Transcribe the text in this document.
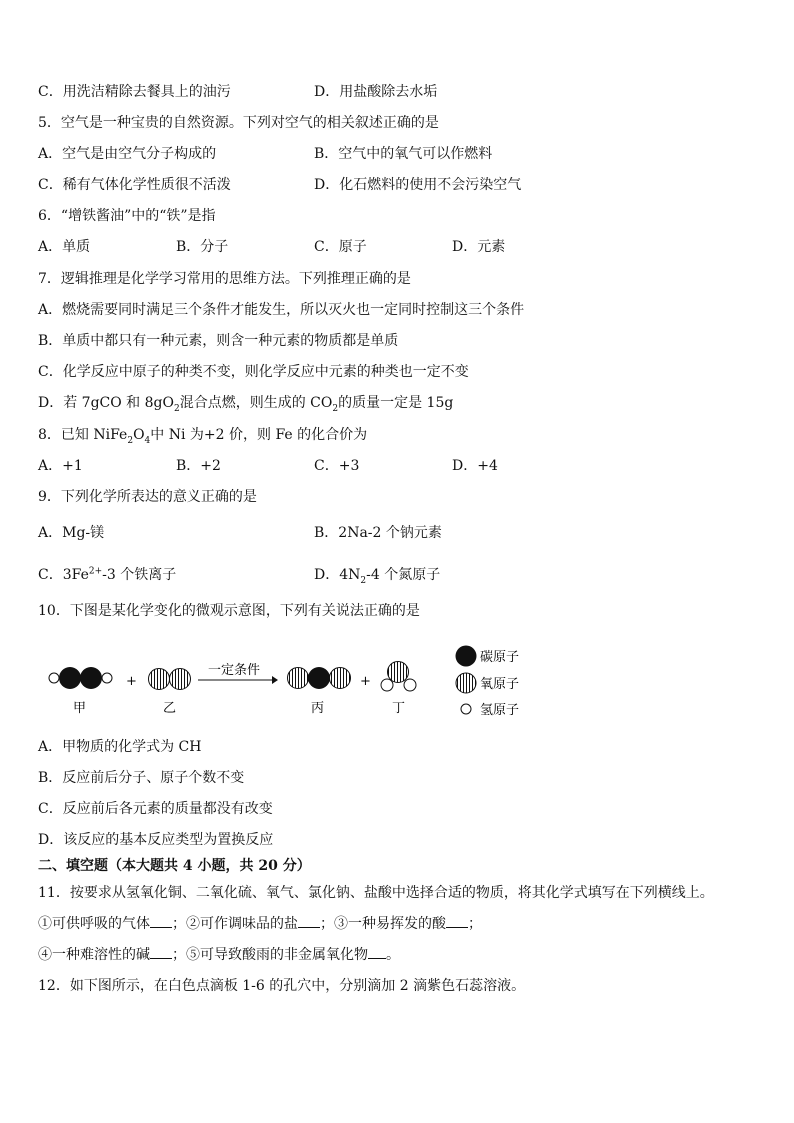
C．用洗洁精除去餐具上的油污	D．用盐酸除去水垢
5．空气是一种宝贵的自然资源。下列对空气的相关叙述正确的是
A．空气是由空气分子构成的	B．空气中的氧气可以作燃料
C．稀有气体化学性质很不活泼	D．化石燃料的使用不会污染空气
6．“增铁酱油”中的“铁”是指
A．单质	B．分子	C．原子	D．元素
7．逻辑推理是化学学习常用的思维方法。下列推理正确的是
A．燃烧需要同时满足三个条件才能发生，所以灭火也一定同时控制这三个条件
B．单质中都只有一种元素，则含一种元素的物质都是单质
C．化学反应中原子的种类不变，则化学反应中元素的种类也一定不变
D．若 7gCO 和 $8gO_2$混合点燃，则生成的 $CO_2$的质量一定是 15g
8．已知 $NiFe_2O_4$中 Ni 为+2 价，则 Fe 的化合价为
A．+1	B．+2	C．+3	D．+4
9．下列化学所表达的意义正确的是
A．Mg-镁	B．2Na-2 个钠元素
C．$3Fe^{2+}-3$ 个铁离子	D．$4N_2-4$ 个氮原子
10．下图是某化学变化的微观示意图，下列有关说法正确的是
+
一定条件
+
甲	乙	丙	丁
碳原子
氧原子
氢原子
A．甲物质的化学式为 CH
B．反应前后分子、原子个数不变
C．反应前后各元素的质量都没有改变
D．该反应的基本反应类型为置换反应
二、填空题（本大题共 4 小题，共 20 分）
11．按要求从氢氧化铜、二氧化硫、氧气、氯化钠、盐酸中选择合适的物质，将其化学式填写在下列横线上。
①可供呼吸的气体 ；②可作调味品的盐 ；③一种易挥发的酸 ；
④一种难溶性的碱 ；⑤可导致酸雨的非金属氧化物 。
12．如下图所示，在白色点滴板 1-6 的孔穴中，分别滴加 2 滴紫色石蕊溶液。
